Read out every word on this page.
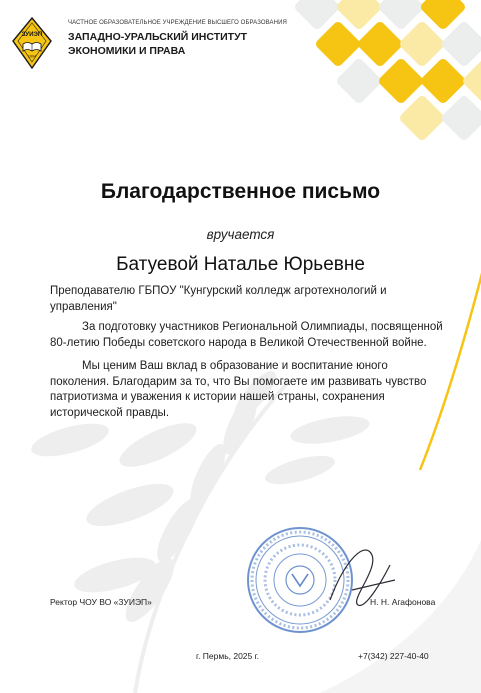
ЗУИЭП
1994
ЧАСТНОЕ ОБРАЗОВАТЕЛЬНОЕ УЧРЕЖДЕНИЕ ВЫСШЕГО ОБРАЗОВАНИЯ
ЗАПАДНО-УРАЛЬСКИЙ ИНСТИТУТ
ЭКОНОМИКИ И ПРАВА
Благодарственное письмо
вручается
Батуевой Наталье Юрьевне
Преподавателю ГБПОУ "Кунгурский колледж агротехнологий и управления"
За подготовку участников Региональной Олимпиады, посвященной 80-летию Победы советского народа в Великой Отечественной войне.
Мы ценим Ваш вклад в образование и воспитание юного поколения. Благодарим за то, что Вы помогаете им развивать чувство патриотизма и уважения к истории нашей страны, сохранения исторической правды.
Ректор ЧОУ ВО «ЗУИЭП»	Н. Н. Агафонова
г. Пермь, 2025 г.	+7(342) 227-40-40
